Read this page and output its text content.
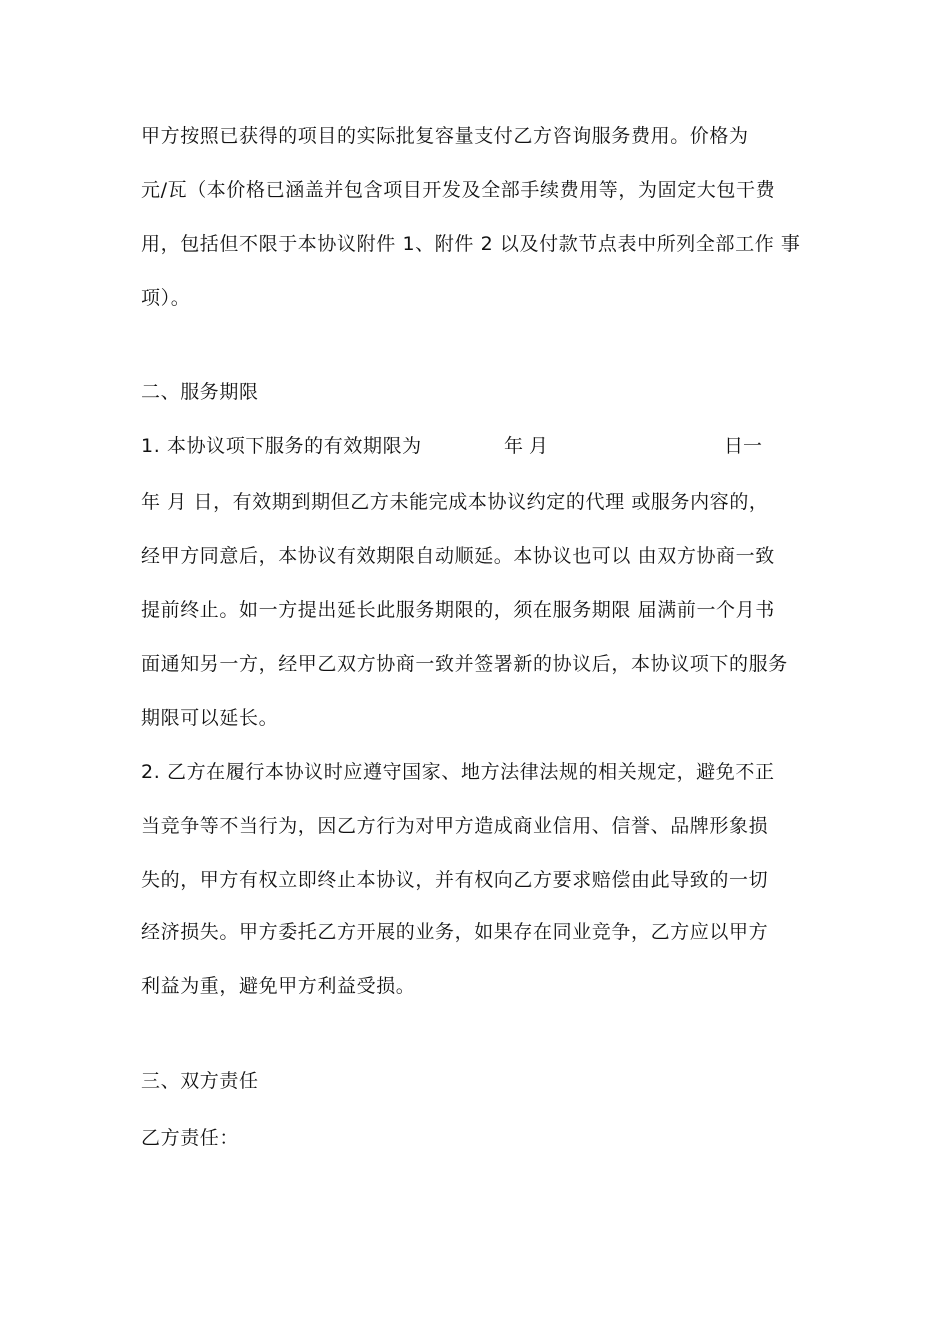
甲方按照已获得的项目的实际批复容量支付乙方咨询服务费用。价格为
元/瓦（本价格已涵盖并包含项目开发及全部手续费用等，为固定大包干费
用，包括但不限于本协议附件 1、附件 2 以及付款节点表中所列全部工作 事
项）。
二、服务期限
1. 本协议项下服务的有效期限为	年 月	日一
年 月 日，有效期到期但乙方未能完成本协议约定的代理 或服务内容的，
经甲方同意后，本协议有效期限自动顺延。本协议也可以 由双方协商一致
提前终止。如一方提出延长此服务期限的，须在服务期限 届满前一个月书
面通知另一方，经甲乙双方协商一致并签署新的协议后，本协议项下的服务
期限可以延长。
2. 乙方在履行本协议时应遵守国家、地方法律法规的相关规定，避免不正
当竞争等不当行为，因乙方行为对甲方造成商业信用、信誉、品牌形象损
失的，甲方有权立即终止本协议，并有权向乙方要求赔偿由此导致的一切
经济损失。甲方委托乙方开展的业务，如果存在同业竞争，乙方应以甲方
利益为重，避免甲方利益受损。
三、双方责任
乙方责任：
